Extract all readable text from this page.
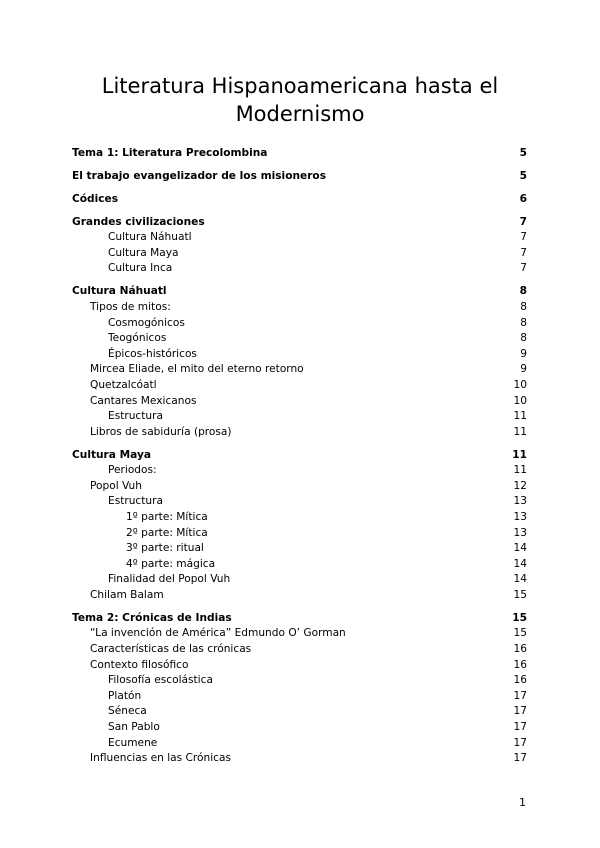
Literatura Hispanoamericana hasta el
Modernismo
Tema 1: Literatura Precolombina	5
El trabajo evangelizador de los misioneros	5
Códices	6
Grandes civilizaciones	7
Cultura Náhuatl	7
Cultura Maya	7
Cultura Inca	7
Cultura Náhuatl	8
Tipos de mitos:	8
Cosmogónicos	8
Teogónicos	8
Épicos-históricos	9
Mircea Eliade, el mito del eterno retorno	9
Quetzalcóatl	10
Cantares Mexicanos	10
Estructura	11
Libros de sabiduría (prosa)	11
Cultura Maya	11
Periodos:	11
Popol Vuh	12
Estructura	13
1º parte: Mítica	13
2º parte: Mítica	13
3º parte: ritual	14
4º parte: mágica	14
Finalidad del Popol Vuh	14
Chilam Balam	15
Tema 2: Crónicas de Indias	15
“La invención de América” Edmundo O’ Gorman	15
Características de las crónicas	16
Contexto filosófico	16
Filosofía escolástica	16
Platón	17
Séneca	17
San Pablo	17
Ecumene	17
Influencias en las Crónicas	17
1
